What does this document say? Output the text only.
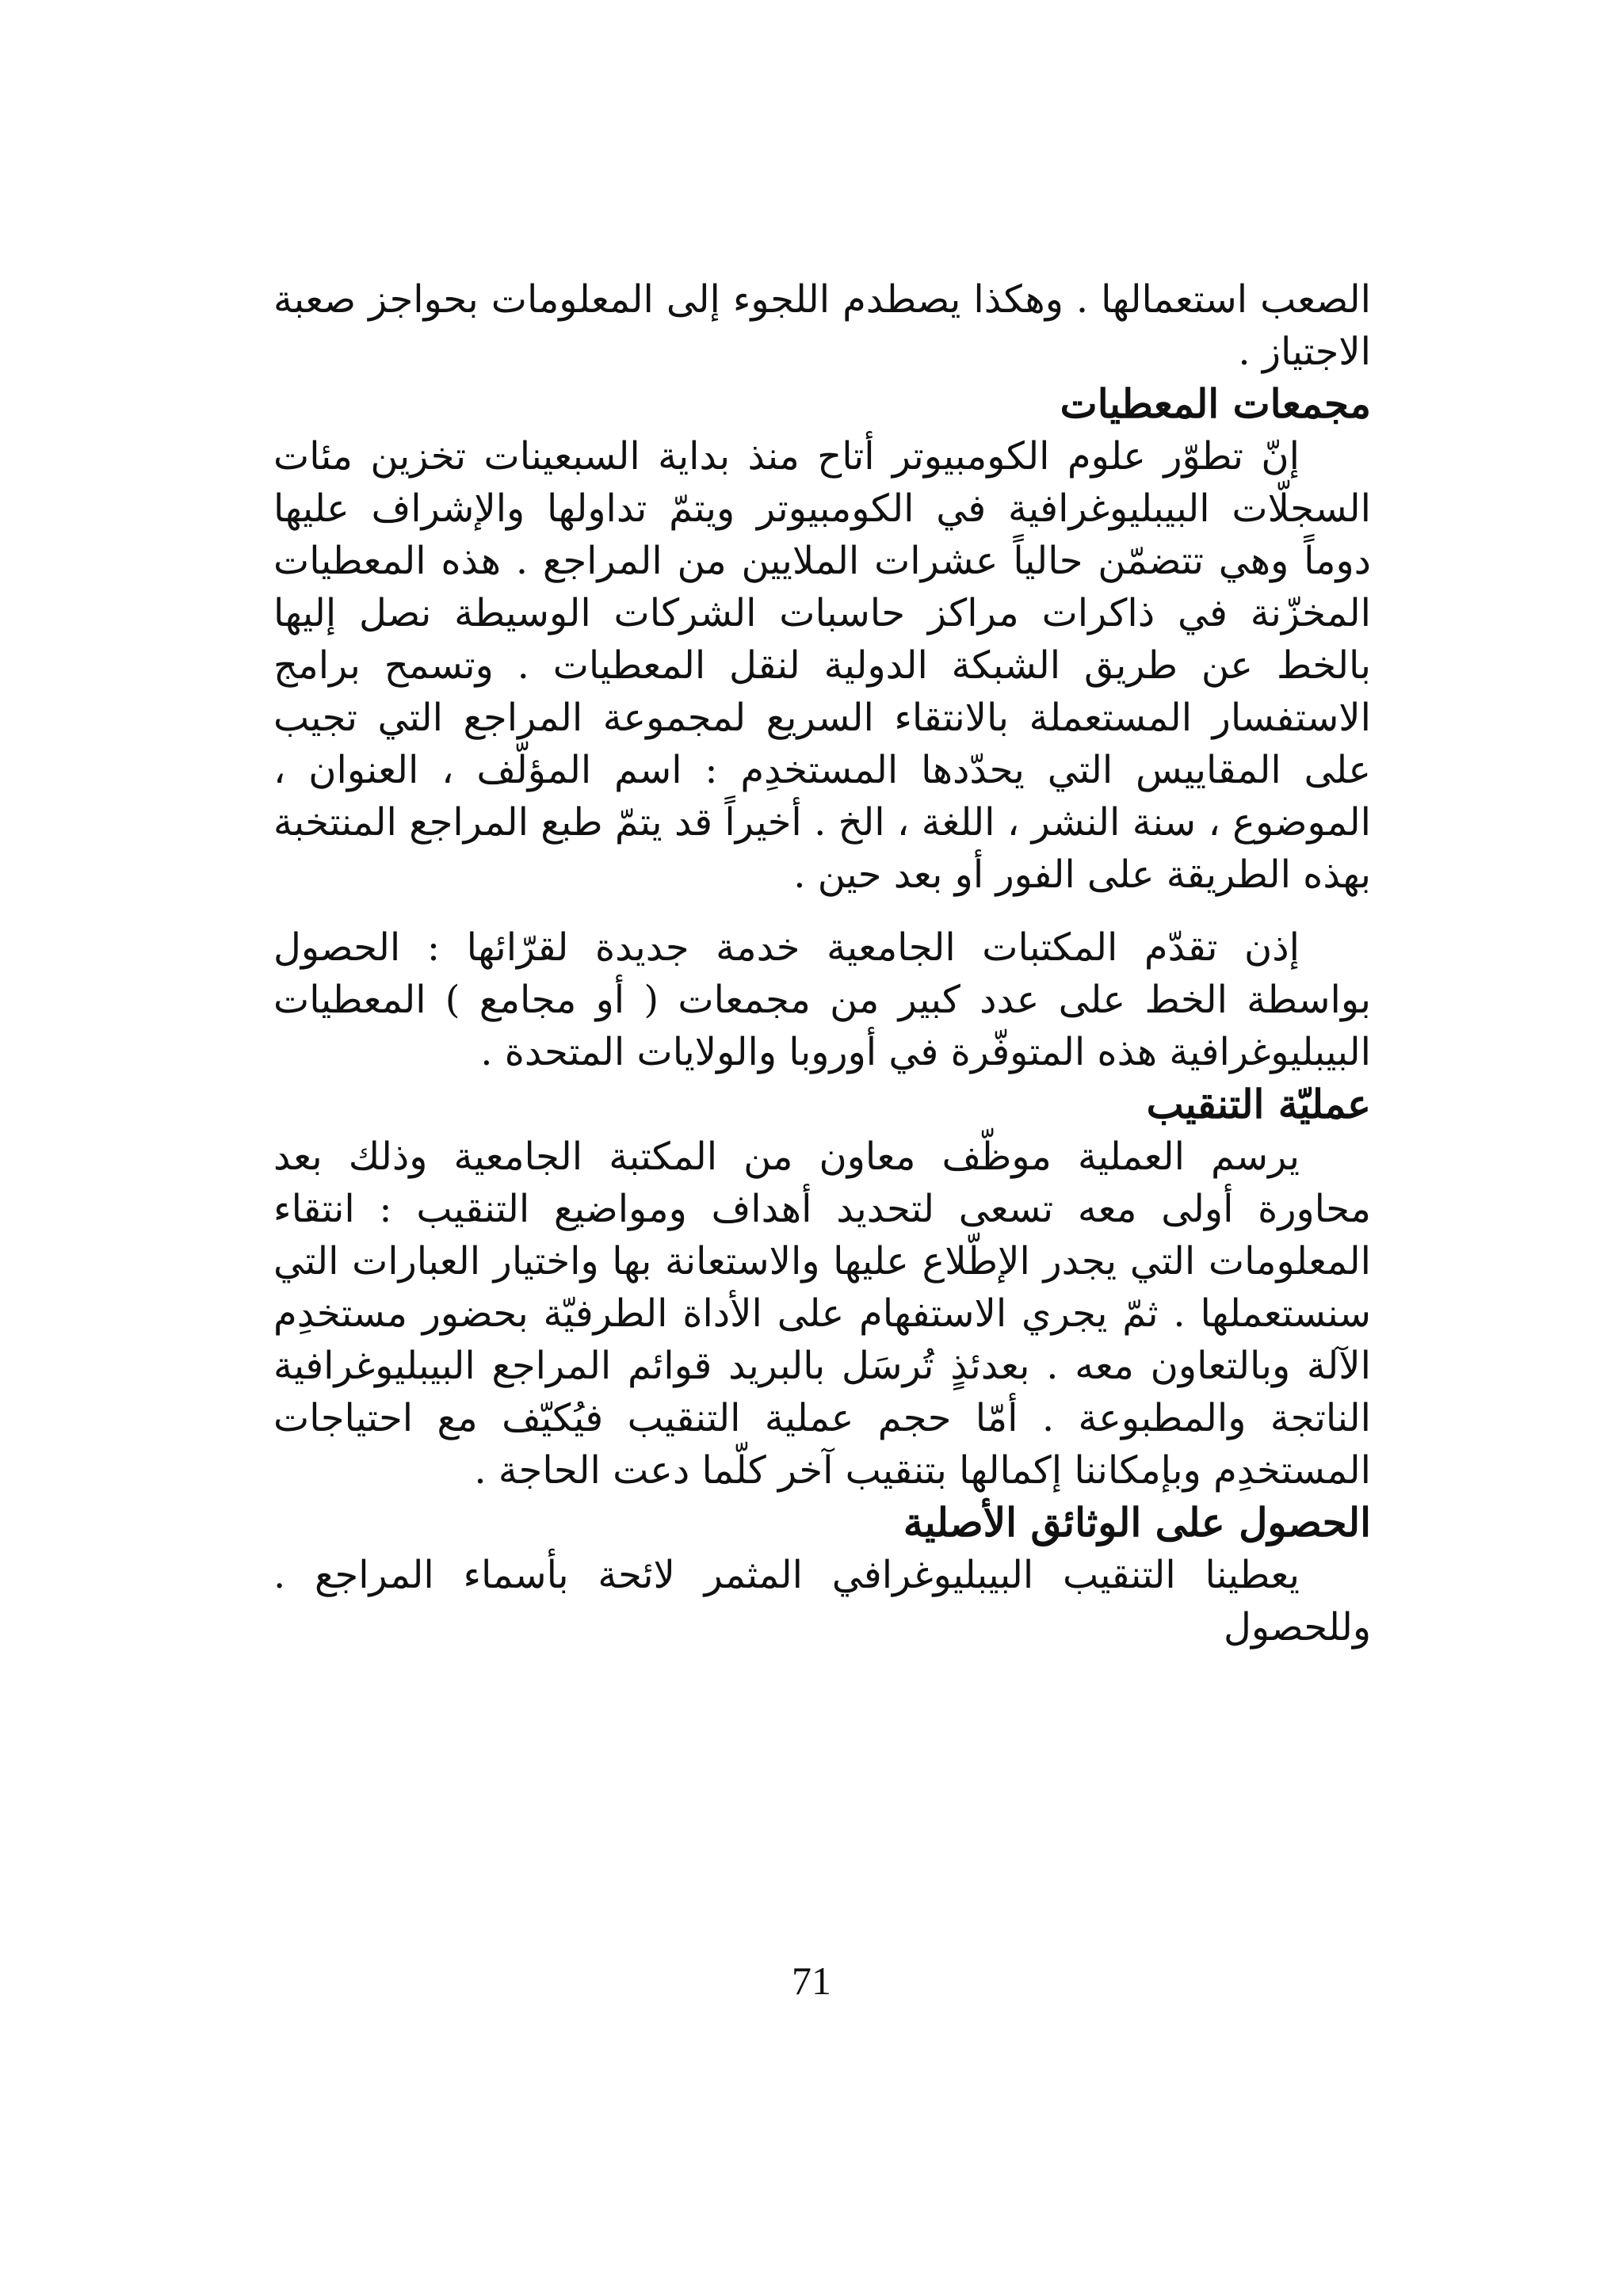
الصعب استعمالها . وهكذا يصطدم اللجوء إلى المعلومات بحواجز صعبة الاجتياز .

مجمعات المعطيات

إنّ تطوّر علوم الكومبيوتر أتاح منذ بداية السبعينات تخزين مئات السجلّات البيبليوغرافية في الكومبيوتر ويتمّ تداولها والإشراف عليها دوماً وهي تتضمّن حالياً عشرات الملايين من المراجع . هذه المعطيات المخزّنة في ذاكرات مراكز حاسبات الشركات الوسيطة نصل إليها بالخط عن طريق الشبكة الدولية لنقل المعطيات . وتسمح برامج الاستفسار المستعملة بالانتقاء السريع لمجموعة المراجع التي تجيب على المقاييس التي يحدّدها المستخدِم : اسم المؤلّف ، العنوان ، الموضوع ، سنة النشر ، اللغة ، الخ . أخيراً قد يتمّ طبع المراجع المنتخبة بهذه الطريقة على الفور أو بعد حين .

إذن تقدّم المكتبات الجامعية خدمة جديدة لقرّائها : الحصول بواسطة الخط على عدد كبير من مجمعات ( أو مجامع ) المعطيات البيبليوغرافية هذه المتوفّرة في أوروبا والولايات المتحدة .

عمليّة التنقيب

يرسم العملية موظّف معاون من المكتبة الجامعية وذلك بعد محاورة أولى معه تسعى لتحديد أهداف ومواضيع التنقيب : انتقاء المعلومات التي يجدر الإطّلاع عليها والاستعانة بها واختيار العبارات التي سنستعملها . ثمّ يجري الاستفهام على الأداة الطرفيّة بحضور مستخدِم الآلة وبالتعاون معه . بعدئذٍ تُرسَل بالبريد قوائم المراجع البيبليوغرافية الناتجة والمطبوعة . أمّا حجم عملية التنقيب فيُكيّف مع احتياجات المستخدِم وبإمكاننا إكمالها بتنقيب آخر كلّما دعت الحاجة .

الحصول على الوثائق الأصلية

يعطينا التنقيب البيبليوغرافي المثمر لائحة بأسماء المراجع . وللحصول

71
